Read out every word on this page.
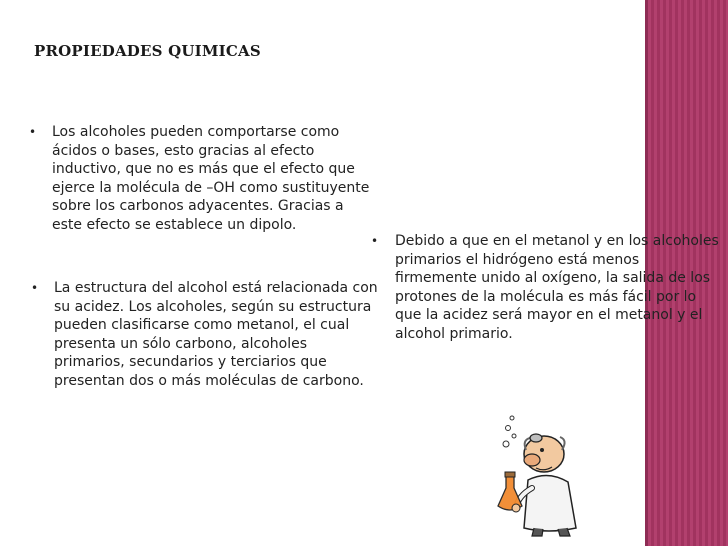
PROPIEDADES QUIMICAS
•	Los alcoholes pueden comportarse como ácidos o bases, esto gracias al efecto inductivo, que no es más que el efecto que ejerce la molécula de –OH como sustituyente sobre los carbonos adyacentes. Gracias a este efecto se establece un dipolo.
•	La estructura del alcohol está relacionada con su acidez. Los alcoholes, según su estructura pueden clasificarse como metanol, el cual presenta un sólo carbono, alcoholes primarios, secundarios y terciarios que presentan dos o más moléculas de carbono.
•	Debido a que en el metanol y en los alcoholes primarios el hidrógeno está menos firmemente unido al oxígeno, la salida de los protones de la molécula es más fácil por lo que la acidez será mayor en el metanol y el alcohol primario.
